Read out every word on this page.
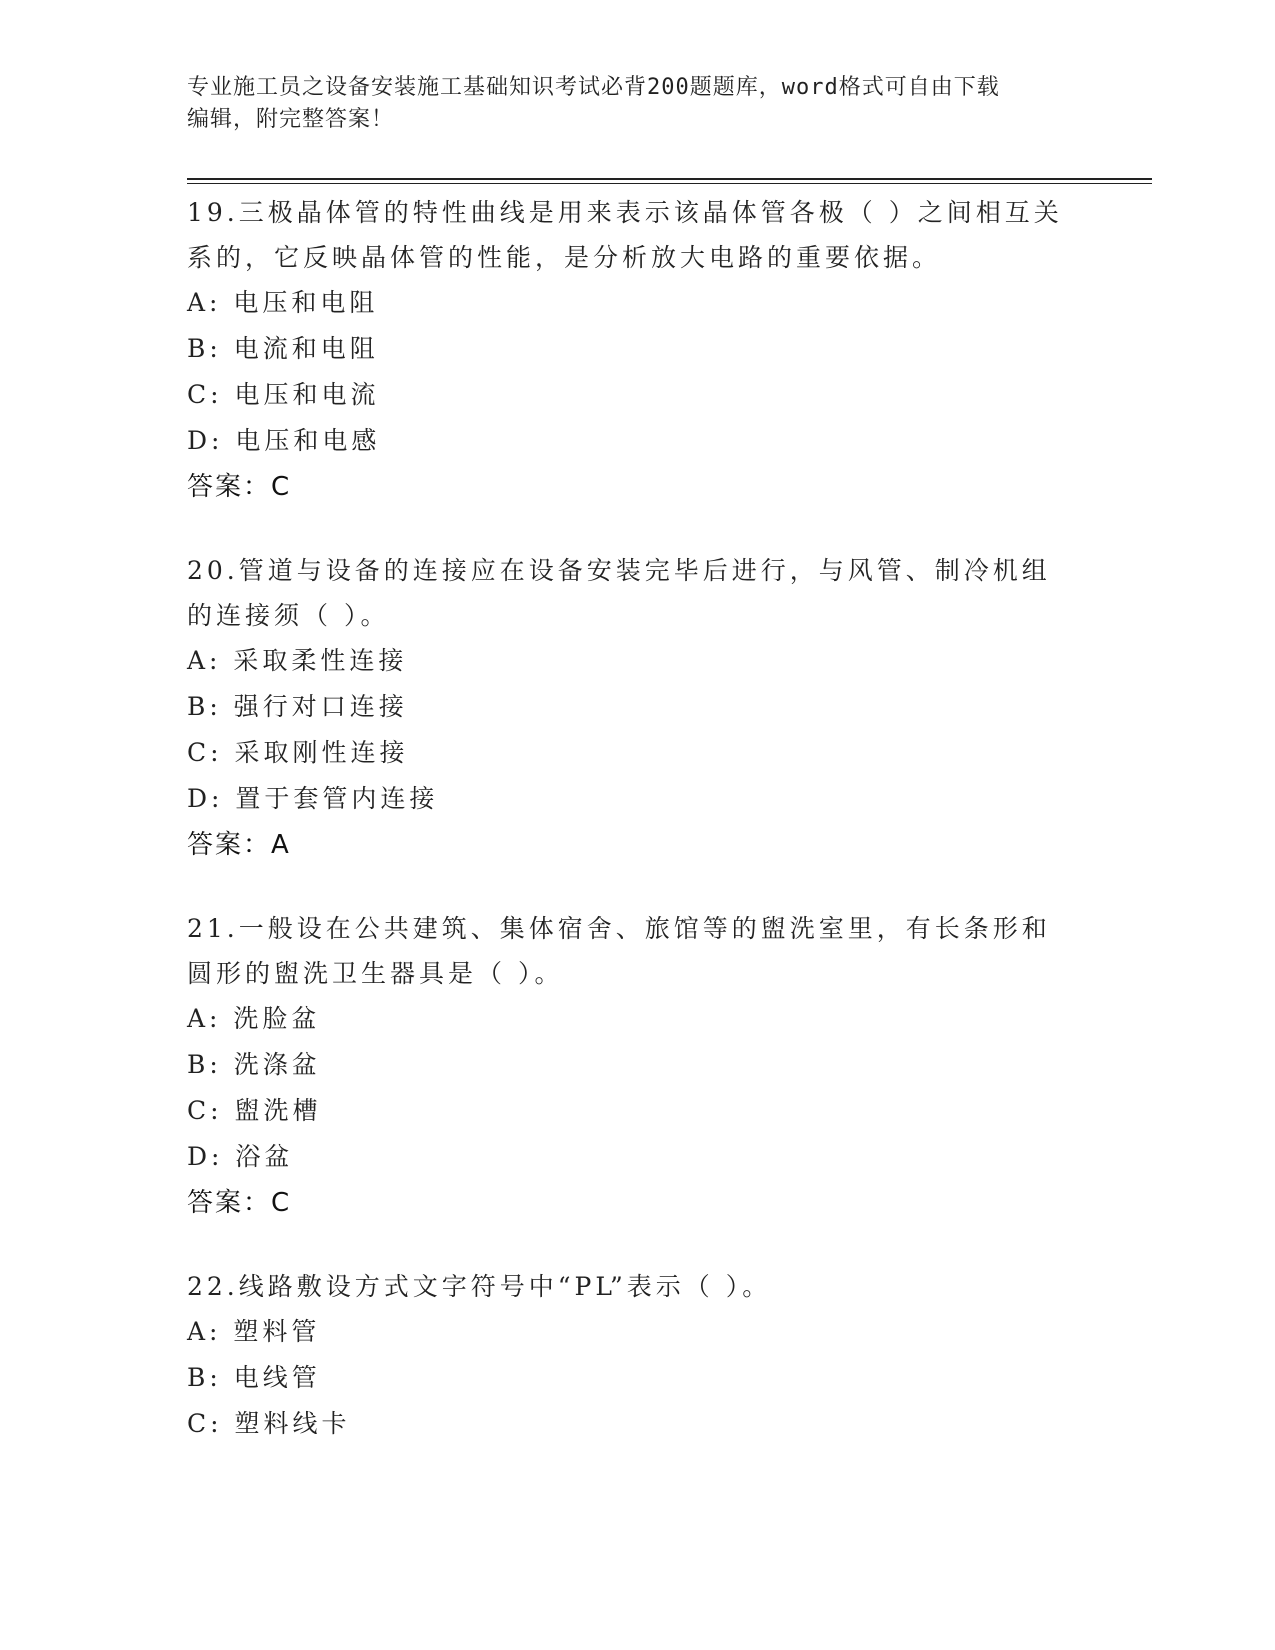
专业施工员之设备安装施工基础知识考试必背200题题库，word格式可自由下载
编辑，附完整答案！
19.三极晶体管的特性曲线是用来表示该晶体管各极（ ）之间相互关系的，它反映晶体管的性能，是分析放大电路的重要依据。
A: 电压和电阻
B: 电流和电阻
C: 电压和电流
D: 电压和电感
答案：C
20.管道与设备的连接应在设备安装完毕后进行，与风管、制冷机组的连接须（ ）。
A: 采取柔性连接
B: 强行对口连接
C: 采取刚性连接
D: 置于套管内连接
答案：A
21.一般设在公共建筑、集体宿舍、旅馆等的盥洗室里，有长条形和圆形的盥洗卫生器具是（ ）。
A: 洗脸盆
B: 洗涤盆
C: 盥洗槽
D: 浴盆
答案：C
22.线路敷设方式文字符号中“PL”表示（ ）。
A: 塑料管
B: 电线管
C: 塑料线卡
